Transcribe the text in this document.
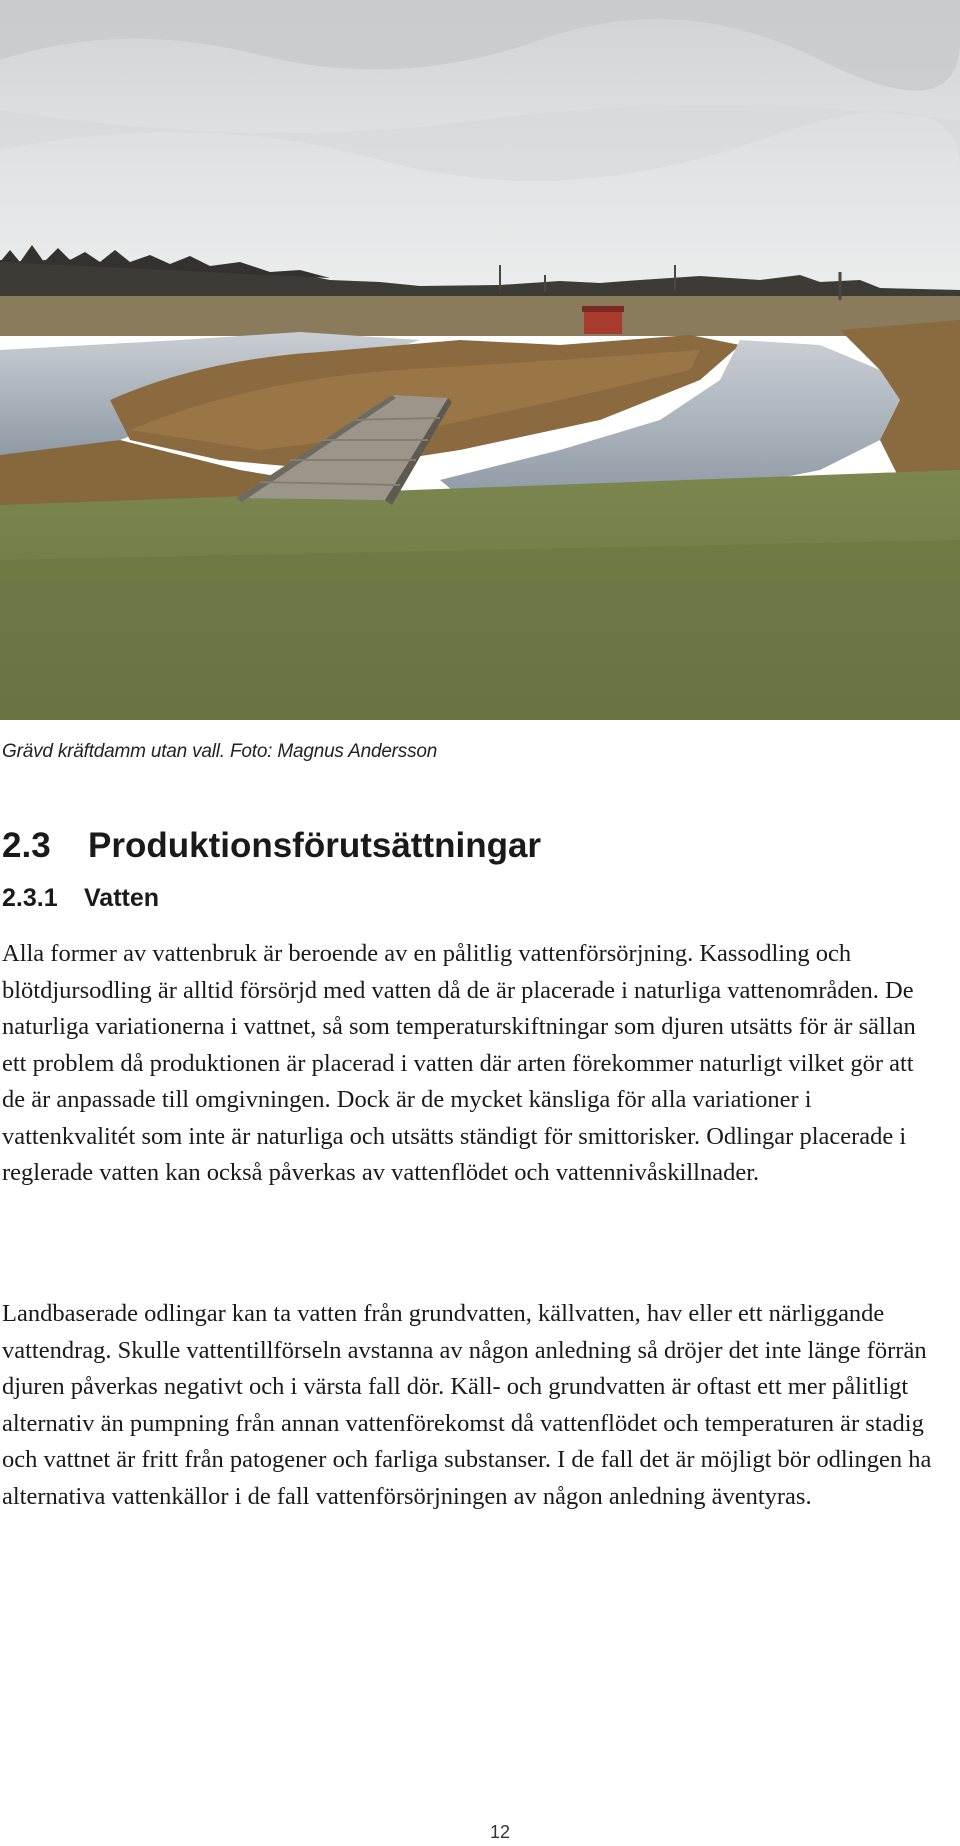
Grävd kräftdamm utan vall. Foto: Magnus Andersson
2.3 Produktionsförutsättningar
2.3.1 Vatten

Alla former av vattenbruk är beroende av en pålitlig vattenförsörjning. Kassodling och blötdjursodling är alltid försörjd med vatten då de är placerade i naturliga vattenområden. De naturliga variationerna i vattnet, så som temperaturskiftningar som djuren utsätts för är sällan ett problem då produktionen är placerad i vatten där arten förekommer naturligt vilket gör att de är anpassade till omgivningen. Dock är de mycket känsliga för alla variationer i vattenkvalitét som inte är naturliga och utsätts ständigt för smittorisker. Odlingar placerade i reglerade vatten kan också påverkas av vattenflödet och vattennivåskillnader.

Landbaserade odlingar kan ta vatten från grundvatten, källvatten, hav eller ett närliggande vattendrag. Skulle vattentillförseln avstanna av någon anledning så dröjer det inte länge förrän djuren påverkas negativt och i värsta fall dör. Käll- och grundvatten är oftast ett mer pålitligt alternativ än pumpning från annan vattenförekomst då vattenflödet och temperaturen är stadig och vattnet är fritt från patogener och farliga substanser. I de fall det är möjligt bör odlingen ha alternativa vattenkällor i de fall vattenförsörjningen av någon anledning äventyras.

12
